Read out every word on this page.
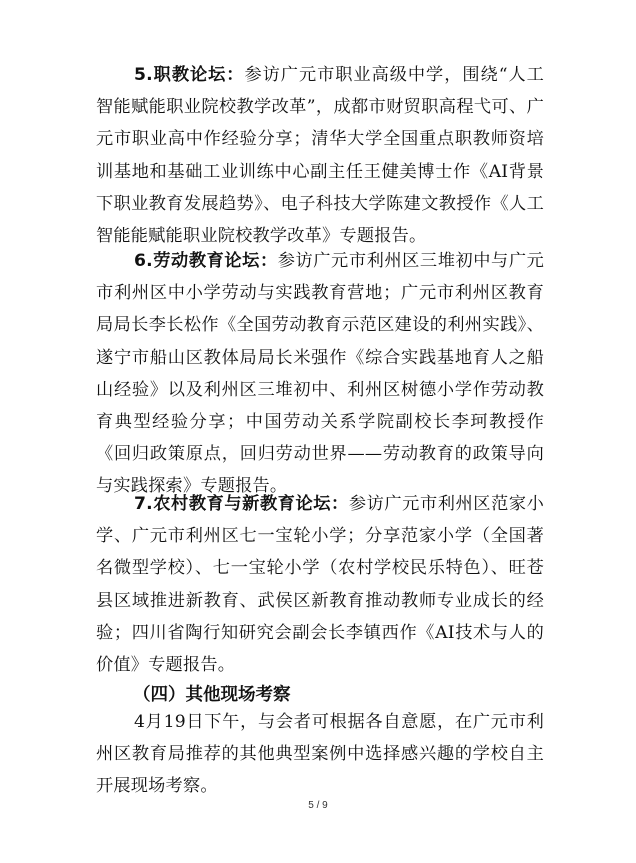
5.职教论坛：参访广元市职业高级中学，围绕“人工智能赋能职业院校教学改革”，成都市财贸职高程弋可、广元市职业高中作经验分享；清华大学全国重点职教师资培训基地和基础工业训练中心副主任王健美博士作《AI背景下职业教育发展趋势》、电子科技大学陈建文教授作《人工智能能赋能职业院校教学改革》专题报告。

6.劳动教育论坛：参访广元市利州区三堆初中与广元市利州区中小学劳动与实践教育营地；广元市利州区教育局局长李长松作《全国劳动教育示范区建设的利州实践》、遂宁市船山区教体局局长米强作《综合实践基地育人之船山经验》以及利州区三堆初中、利州区树德小学作劳动教育典型经验分享；中国劳动关系学院副校长李珂教授作《回归政策原点，回归劳动世界——劳动教育的政策导向与实践探索》专题报告。

7.农村教育与新教育论坛：参访广元市利州区范家小学、广元市利州区七一宝轮小学；分享范家小学（全国著名微型学校）、七一宝轮小学（农村学校民乐特色）、旺苍县区域推进新教育、武侯区新教育推动教师专业成长的经验；四川省陶行知研究会副会长李镇西作《AI技术与人的价值》专题报告。

（四）其他现场考察

4月19日下午，与会者可根据各自意愿，在广元市利州区教育局推荐的其他典型案例中选择感兴趣的学校自主开展现场考察。

5 / 9
